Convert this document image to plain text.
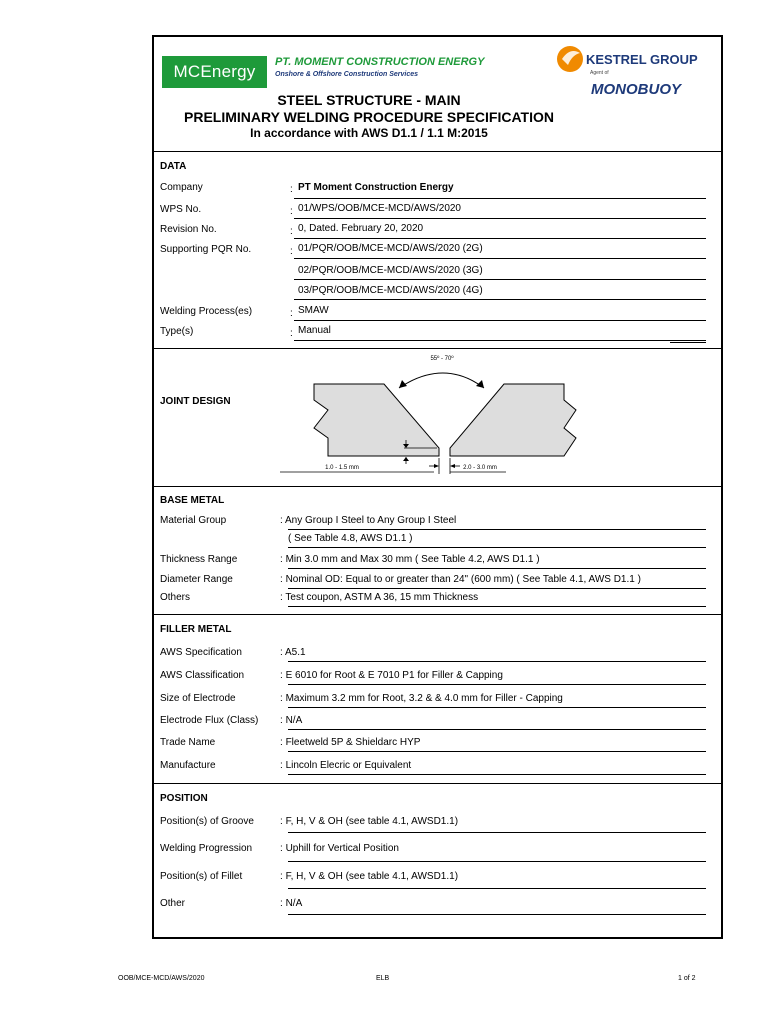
MCEnergy	PT. MOMENT CONSTRUCTION ENERGY
Onshore & Offshore Construction Services
KESTREL GROUP
Agent of
MONOBUOY
STEEL STRUCTURE - MAIN
PRELIMINARY WELDING PROCEDURE SPECIFICATION
In accordance with AWS D1.1 / 1.1 M:2015
DATA
Company	: PT Moment Construction Energy
WPS No.	: 01/WPS/OOB/MCE-MCD/AWS/2020
Revision No.	: 0, Dated. February 20, 2020
Supporting PQR No.	: 01/PQR/OOB/MCE-MCD/AWS/2020 (2G)
02/PQR/OOB/MCE-MCD/AWS/2020 (3G)
03/PQR/OOB/MCE-MCD/AWS/2020 (4G)
Welding Process(es)	: SMAW
Type(s)	: Manual
JOINT DESIGN
55º - 70º
1.0 - 1.5 mm	2.0 - 3.0 mm
BASE METAL
Material Group	: Any Group I Steel to Any Group I Steel
( See Table 4.8, AWS D1.1 )
Thickness Range	: Min 3.0 mm and Max 30 mm ( See Table 4.2, AWS D1.1 )
Diameter Range	: Nominal OD: Equal to or greater than 24" (600 mm) ( See Table 4.1, AWS D1.1 )
Others	: Test coupon, ASTM A 36, 15 mm Thickness
FILLER METAL
AWS Specification	: A5.1
AWS Classification	: E 6010 for Root & E 7010 P1 for Filler & Capping
Size of Electrode	: Maximum 3.2 mm for Root, 3.2 & & 4.0 mm for Filler - Capping
Electrode Flux (Class) : N/A
Trade Name	: Fleetweld 5P & Shieldarc HYP
Manufacture	: Lincoln Elecric or Equivalent
POSITION
Position(s) of Groove	: F, H, V & OH (see table 4.1, AWSD1.1)
Welding Progression	: Uphill for Vertical Position
Position(s) of Fillet	: F, H, V & OH (see table 4.1, AWSD1.1)
Other	: N/A
OOB/MCE-MCD/AWS/2020	ELB	1 of 2
